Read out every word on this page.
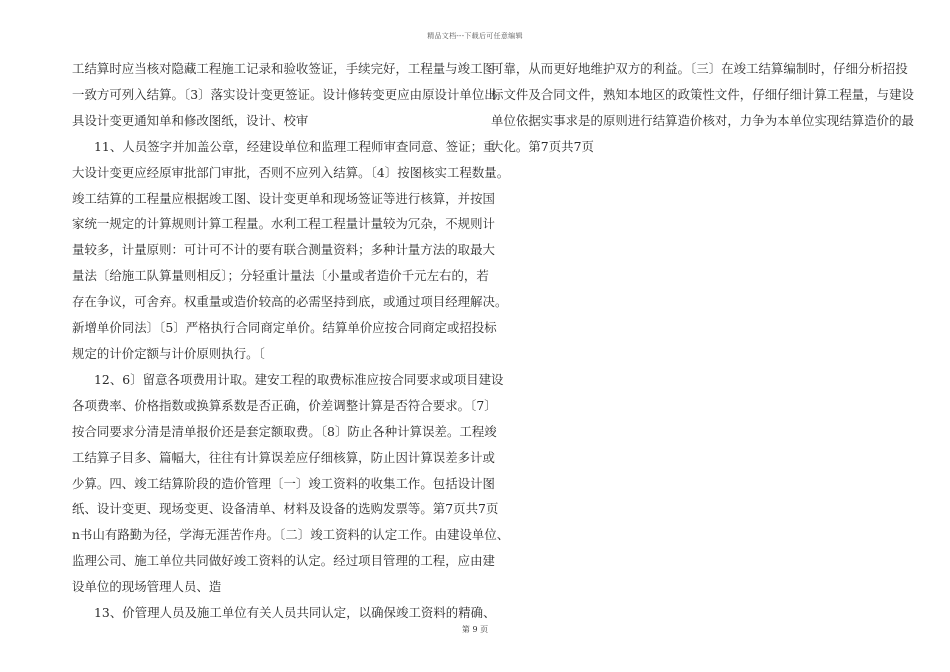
精品文档---下载后可任意编辑
工结算时应当核对隐藏工程施工记录和验收签证，手续完好，工程量与竣工图
一致方可列入结算。〔3〕落实设计变更签证。设计修转变更应由原设计单位出
具设计变更通知单和修改图纸，设计、校审
11、人员签字并加盖公章，经建设单位和监理工程师审查同意、签证；重
大设计变更应经原审批部门审批，否则不应列入结算。〔4〕按图核实工程数量。
竣工结算的工程量应根据竣工图、设计变更单和现场签证等进行核算，并按国
家统一规定的计算规则计算工程量。水利工程工程量计量较为冗杂，不规则计
量较多，计量原则：可计可不计的要有联合测量资料；多种计量方法的取最大
量法〔给施工队算量则相反〕；分轻重计量法〔小量或者造价千元左右的，若
存在争议，可舍弃。权重量或造价较高的必需坚持到底，或通过项目经理解决。
新增单价同法〕〔5〕严格执行合同商定单价。结算单价应按合同商定或招投标
规定的计价定额与计价原则执行。〔
12、6〕留意各项费用计取。建安工程的取费标准应按合同要求或项目建设
各项费率、价格指数或换算系数是否正确，价差调整计算是否符合要求。〔7〕
按合同要求分清是清单报价还是套定额取费。〔8〕防止各种计算误差。工程竣
工结算子目多、篇幅大，往往有计算误差应仔细核算，防止因计算误差多计或
少算。四、竣工结算阶段的造价管理〔一〕竣工资料的收集工作。包括设计图
纸、设计变更、现场变更、设备清单、材料及设备的选购发票等。第7页共7页
n书山有路勤为径，学海无涯苦作舟。〔二〕竣工资料的认定工作。由建设单位、
监理公司、施工单位共同做好竣工资料的认定。经过项目管理的工程，应由建
设单位的现场管理人员、造
13、价管理人员及施工单位有关人员共同认定，以确保竣工资料的精确、
可靠，从而更好地维护双方的利益。〔三〕在竣工结算编制时，仔细分析招投
标文件及合同文件，熟知本地区的政策性文件，仔细仔细计算工程量，与建设
单位依据实事求是的原则进行结算造价核对，力争为本单位实现结算造价的最
大化。第7页共7页
第 9 页
